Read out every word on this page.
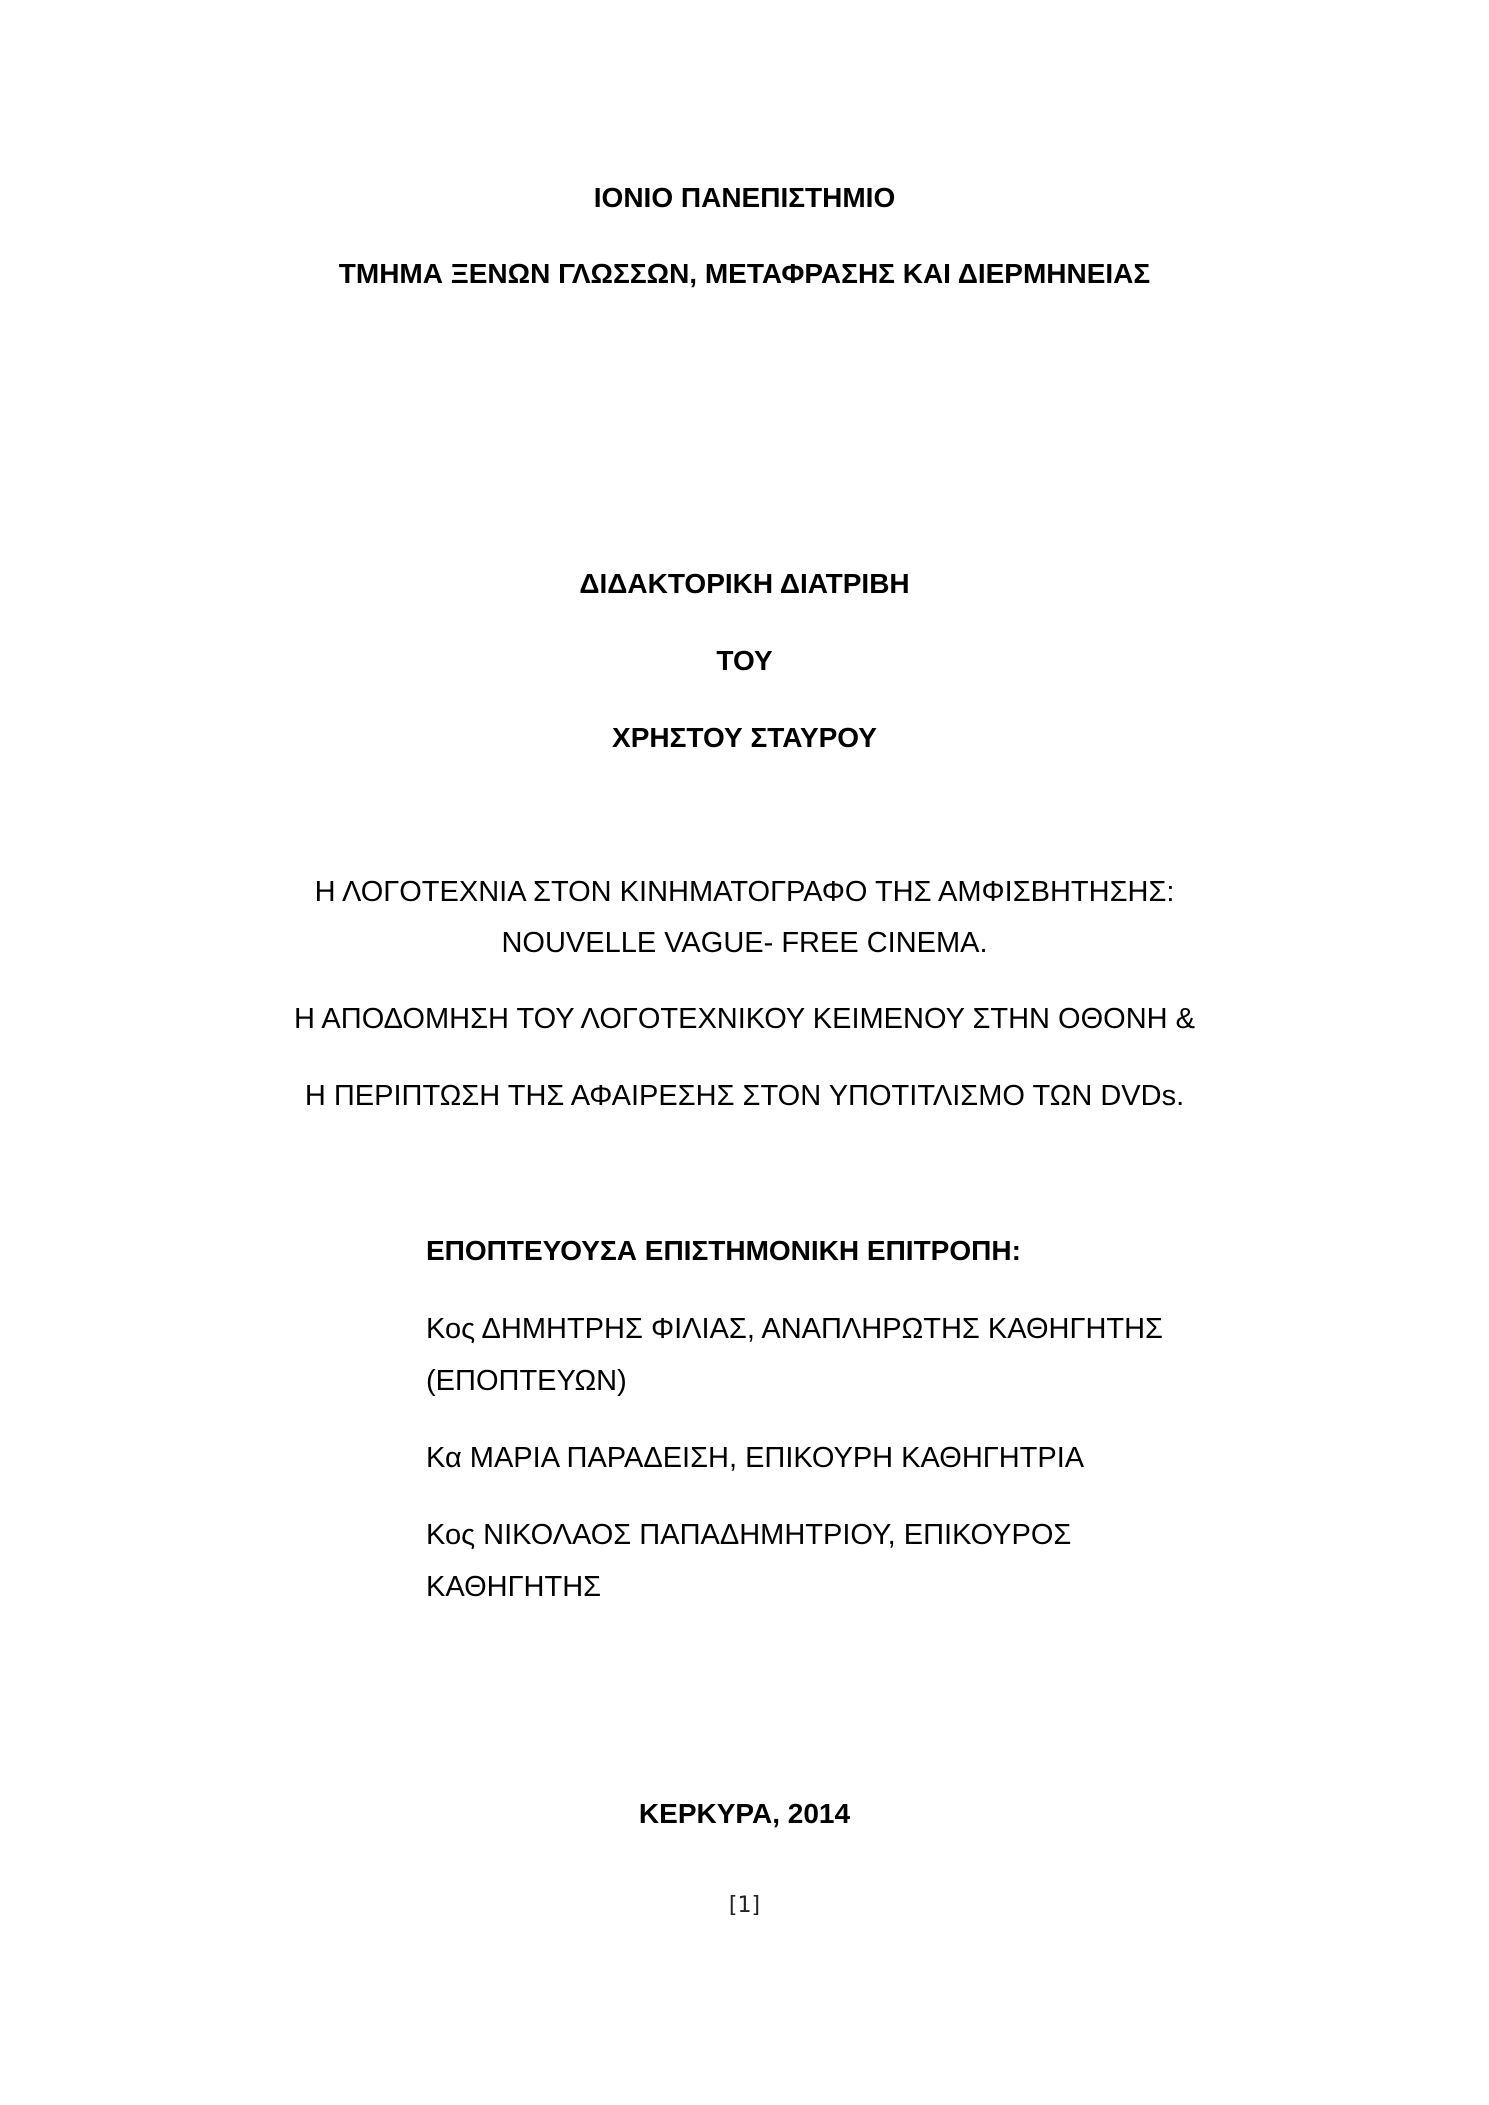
ΙΟΝΙΟ ΠΑΝΕΠΙΣΤΗΜΙΟ

ΤΜΗΜΑ ΞΕΝΩΝ ΓΛΩΣΣΩΝ, ΜΕΤΑΦΡΑΣΗΣ ΚΑΙ ΔΙΕΡΜΗΝΕΙΑΣ

ΔΙΔΑΚΤΟΡΙΚΗ ΔΙΑΤΡΙΒΗ

ΤΟΥ

ΧΡΗΣΤΟΥ ΣΤΑΥΡΟΥ

Η ΛΟΓΟΤΕΧΝΙΑ ΣΤΟΝ ΚΙΝΗΜΑΤΟΓΡΑΦΟ ΤΗΣ ΑΜΦΙΣΒΗΤΗΣΗΣ:

NOUVELLE VAGUE- FREE CINEMA.

Η ΑΠΟΔΟΜΗΣΗ ΤΟΥ ΛΟΓΟΤΕΧΝΙΚΟΥ ΚΕΙΜΕΝΟΥ ΣΤΗΝ ΟΘΟΝΗ &

Η ΠΕΡΙΠΤΩΣΗ ΤΗΣ ΑΦΑΙΡΕΣΗΣ ΣΤΟΝ ΥΠΟΤΙΤΛΙΣΜΟ ΤΩΝ DVDs.

ΕΠΟΠΤΕΥΟΥΣΑ ΕΠΙΣΤΗΜΟΝΙΚΗ ΕΠΙΤΡΟΠΗ:

Κος ΔΗΜΗΤΡΗΣ ΦΙΛΙΑΣ, ΑΝΑΠΛΗΡΩΤΗΣ ΚΑΘΗΓΗΤΗΣ

(ΕΠΟΠΤΕΥΩΝ)

Κα ΜΑΡΙΑ ΠΑΡΑΔΕΙΣΗ, ΕΠΙΚΟΥΡΗ ΚΑΘΗΓΗΤΡΙΑ

Κος ΝΙΚΟΛΑΟΣ ΠΑΠΑΔΗΜΗΤΡΙΟΥ, ΕΠΙΚΟΥΡΟΣ

ΚΑΘΗΓΗΤΗΣ

ΚΕΡΚΥΡΑ, 2014

[1]
